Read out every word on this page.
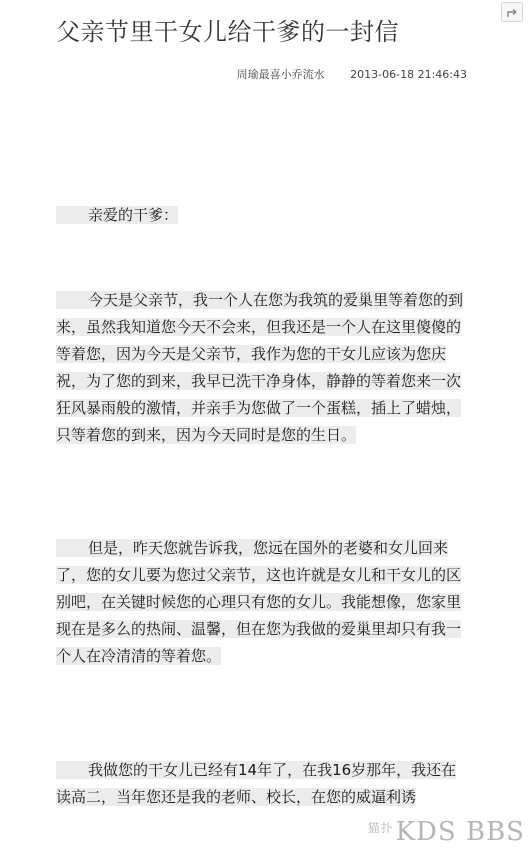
父亲节里干女儿给干爹的一封信
周瑜最喜小乔流水 2013-06-18 21:46:43

亲爱的干爹：

今天是父亲节，我一个人在您为我筑的爱巢里等着您的到来，虽然我知道您今天不会来，但我还是一个人在这里傻傻的等着您，因为今天是父亲节，我作为您的干女儿应该为您庆祝，为了您的到来，我早已洗干净身体，静静的等着您来一次狂风暴雨般的激情，并亲手为您做了一个蛋糕，插上了蜡烛，只等着您的到来，因为今天同时是您的生日。

但是，昨天您就告诉我，您远在国外的老婆和女儿回来了，您的女儿要为您过父亲节，这也许就是女儿和干女儿的区别吧，在关键时候您的心理只有您的女儿。我能想像，您家里现在是多么的热闹、温馨，但在您为我做的爱巢里却只有我一个人在冷清清的等着您。

我做您的干女儿已经有14年了，在我16岁那年，我还在读高二，当年您还是我的老师、校长，在您的威逼利诱

$^{猫扑}$KDS BBS
